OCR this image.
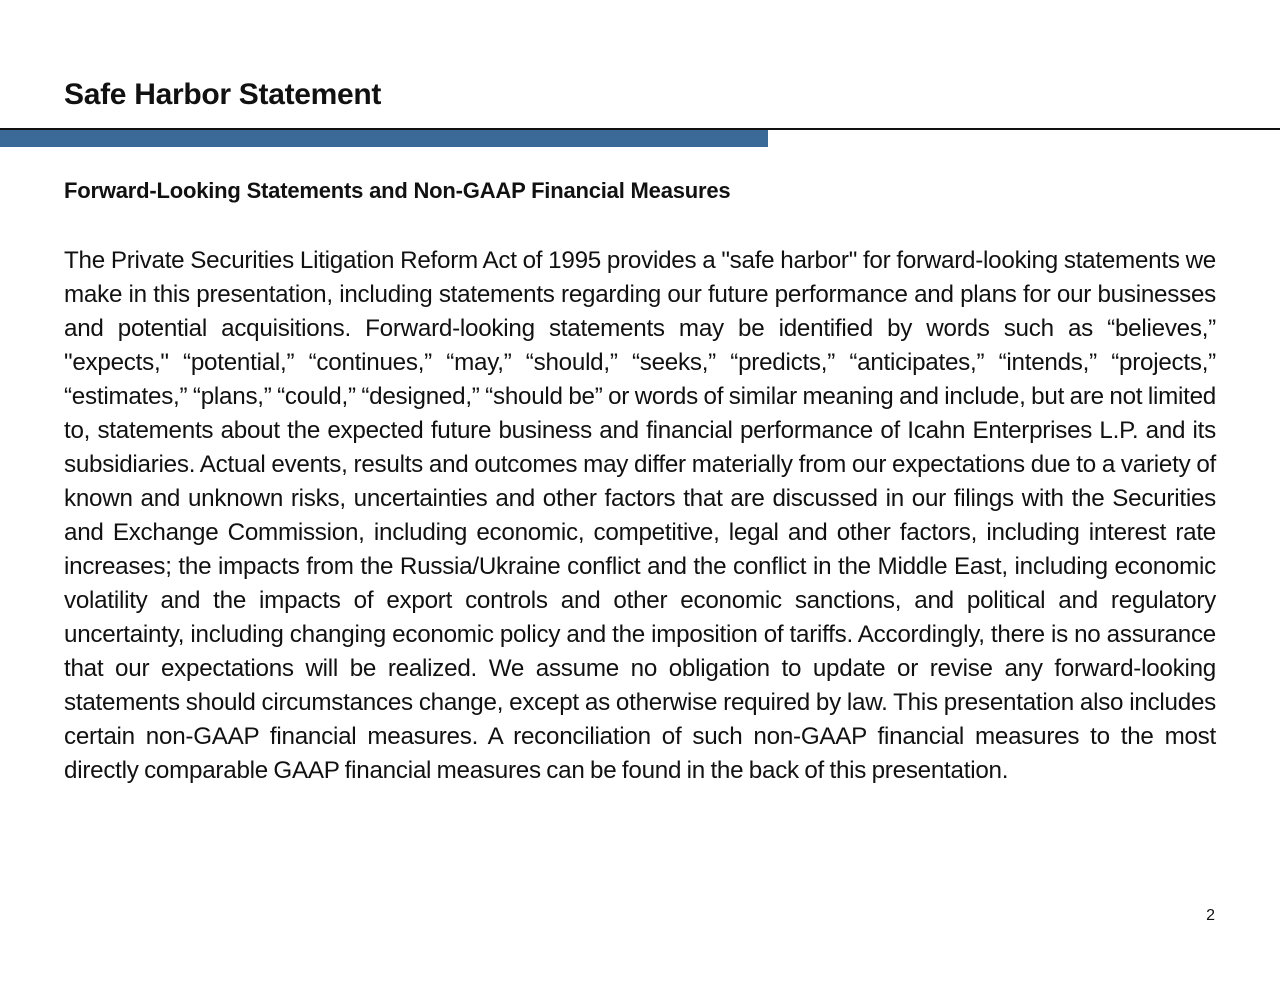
Safe Harbor Statement
Forward-Looking Statements and Non-GAAP Financial Measures

The Private Securities Litigation Reform Act of 1995 provides a "safe harbor" for forward-looking statements we make in this presentation, including statements regarding our future performance and plans for our businesses and potential acquisitions. Forward-looking statements may be identified by words such as “believes,” "expects," “potential,” “continues,” “may,” “should,” “seeks,” “predicts,” “anticipates,” “intends,” “projects,” “estimates,” “plans,” “could,” “designed,” “should be” or words of similar meaning and include, but are not limited to, statements about the expected future business and financial performance of Icahn Enterprises L.P. and its subsidiaries. Actual events, results and outcomes may differ materially from our expectations due to a variety of known and unknown risks, uncertainties and other factors that are discussed in our filings with the Securities and Exchange Commission, including economic, competitive, legal and other factors, including interest rate increases; the impacts from the Russia/Ukraine conflict and the conflict in the Middle East, including economic volatility and the impacts of export controls and other economic sanctions, and political and regulatory uncertainty, including changing economic policy and the imposition of tariffs. Accordingly, there is no assurance that our expectations will be realized. We assume no obligation to update or revise any forward-looking statements should circumstances change, except as otherwise required by law. This presentation also includes certain non-GAAP financial measures. A reconciliation of such non-GAAP financial measures to the most directly comparable GAAP financial measures can be found in the back of this presentation.

2
